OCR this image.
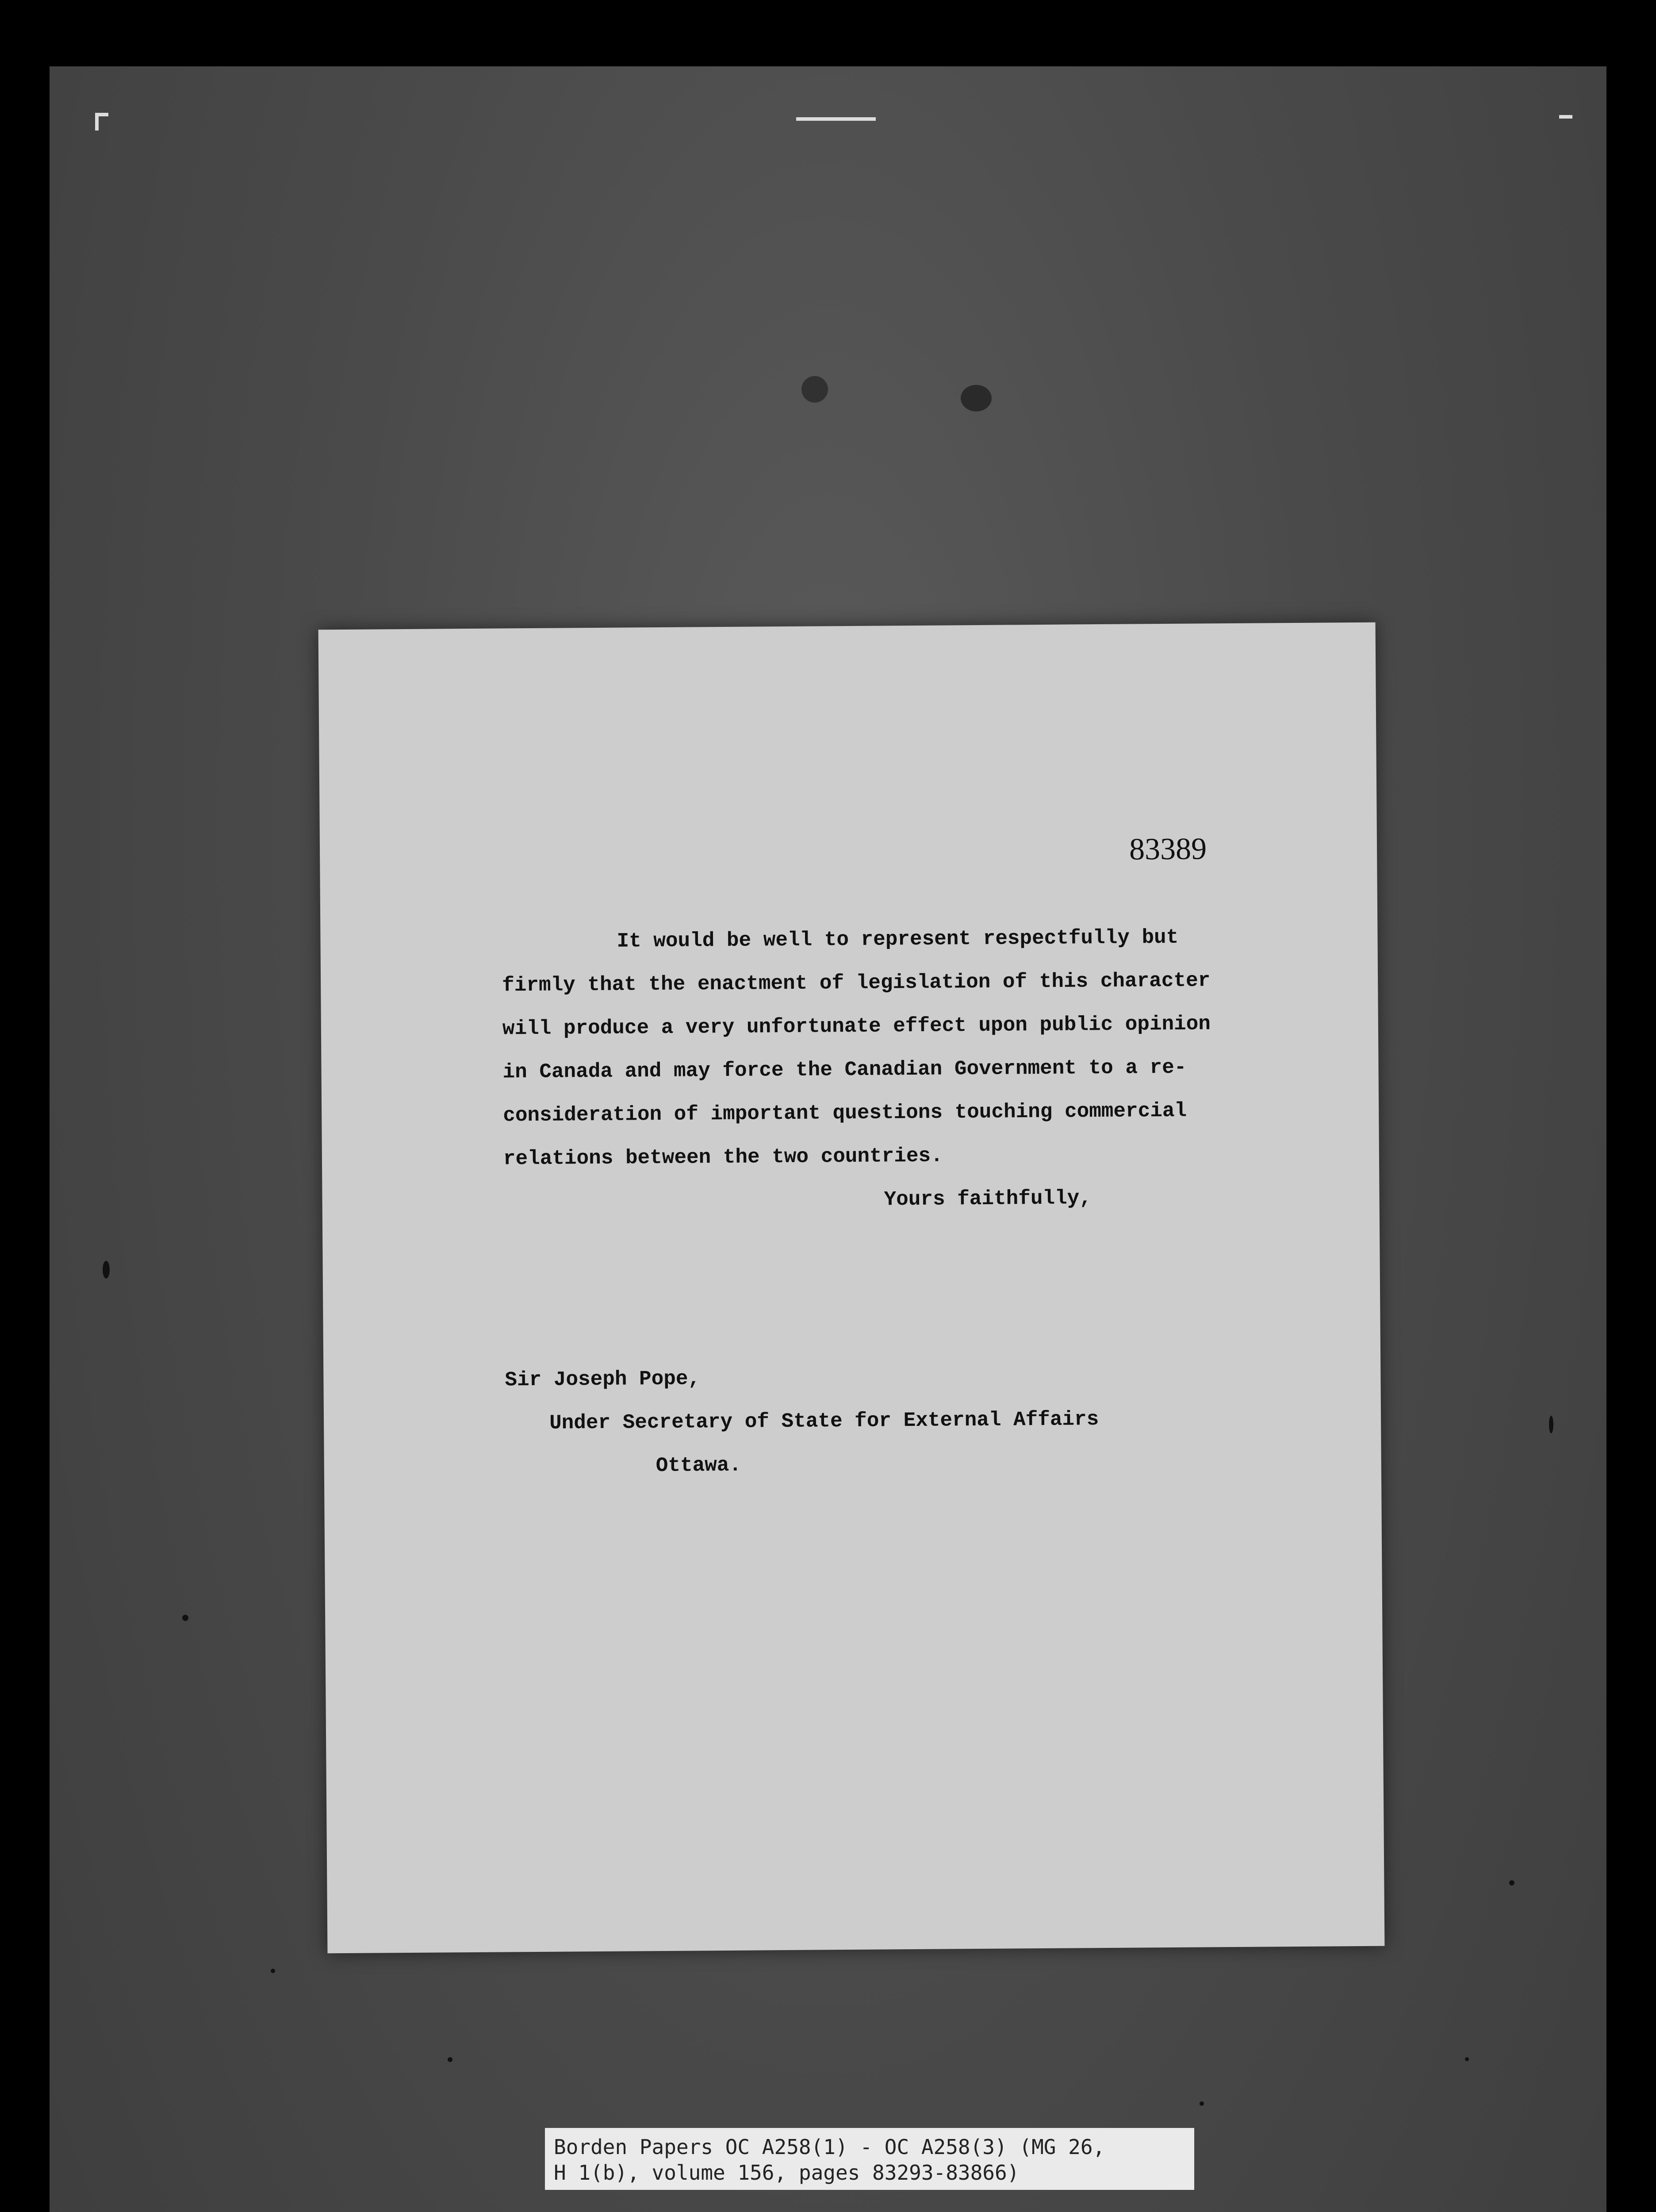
83389
It would be well to represent respectfully but
firmly that the enactment of legislation of this character
will produce a very unfortunate effect upon public opinion
in Canada and may force the Canadian Government to a re-
consideration of important questions touching commercial
relations between the two countries.
Yours faithfully,
Sir Joseph Pope,
Under Secretary of State for External Affairs
Ottawa.
Borden Papers OC A258(1) - OC A258(3) (MG 26,
H 1(b), volume 156, pages 83293-83866)
